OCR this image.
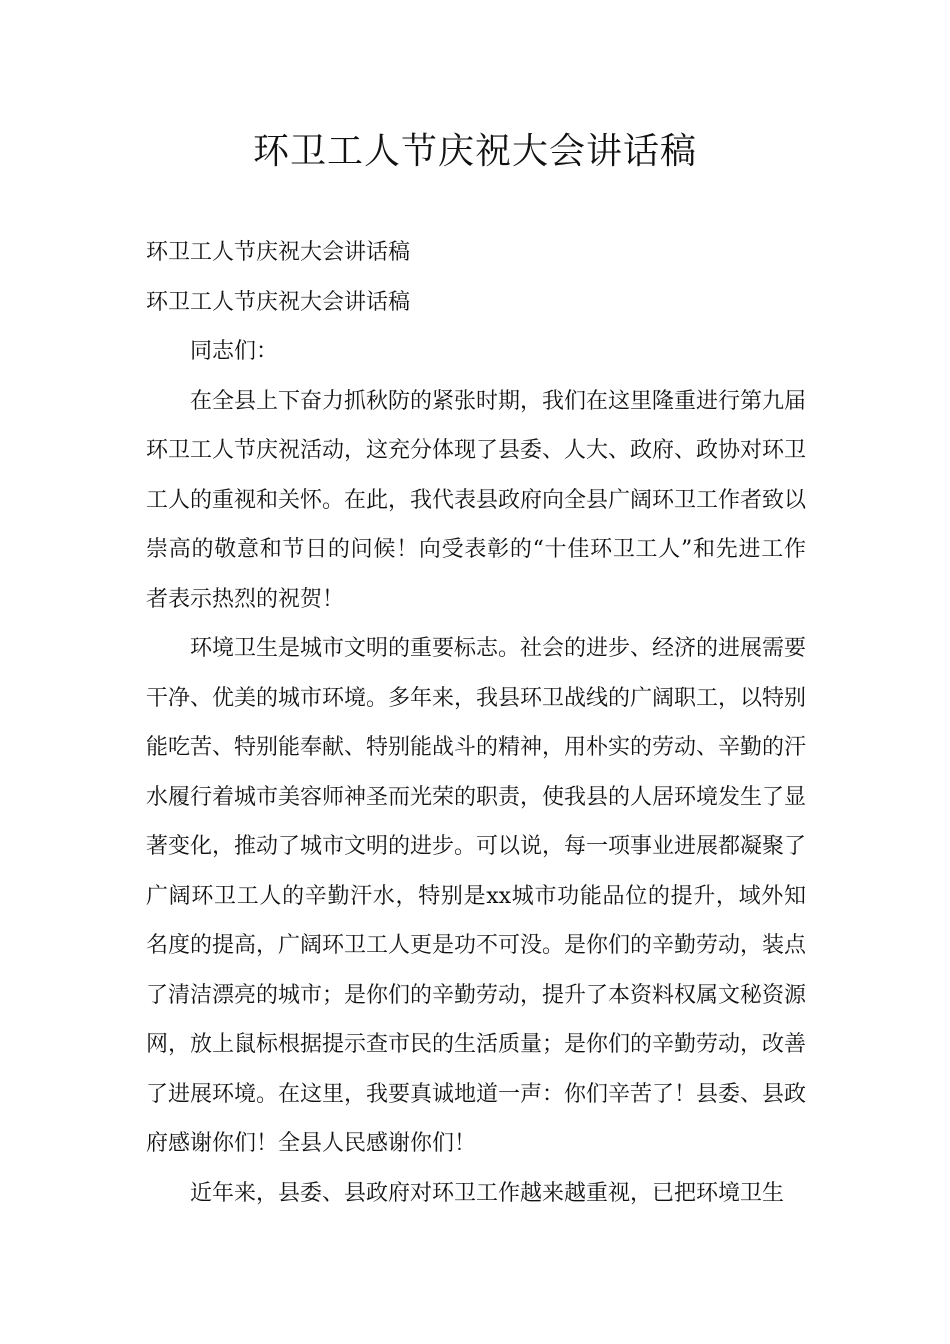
环卫工人节庆祝大会讲话稿

环卫工人节庆祝大会讲话稿

环卫工人节庆祝大会讲话稿

同志们：

在全县上下奋力抓秋防的紧张时期，我们在这里隆重进行第九届环卫工人节庆祝活动，这充分体现了县委、人大、政府、政协对环卫工人的重视和关怀。在此，我代表县政府向全县广阔环卫工作者致以崇高的敬意和节日的问候！向受表彰的“十佳环卫工人”和先进工作者表示热烈的祝贺！

环境卫生是城市文明的重要标志。社会的进步、经济的进展需要干净、优美的城市环境。多年来，我县环卫战线的广阔职工，以特别能吃苦、特别能奉献、特别能战斗的精神，用朴实的劳动、辛勤的汗水履行着城市美容师神圣而光荣的职责，使我县的人居环境发生了显著变化，推动了城市文明的进步。可以说，每一项事业进展都凝聚了广阔环卫工人的辛勤汗水，特别是xx城市功能品位的提升，域外知名度的提高，广阔环卫工人更是功不可没。是你们的辛勤劳动，装点了清洁漂亮的城市；是你们的辛勤劳动，提升了本资料权属文秘资源网，放上鼠标根据提示查市民的生活质量；是你们的辛勤劳动，改善了进展环境。在这里，我要真诚地道一声：你们辛苦了！县委、县政府感谢你们！全县人民感谢你们！

近年来，县委、县政府对环卫工作越来越重视，已把环境卫生
